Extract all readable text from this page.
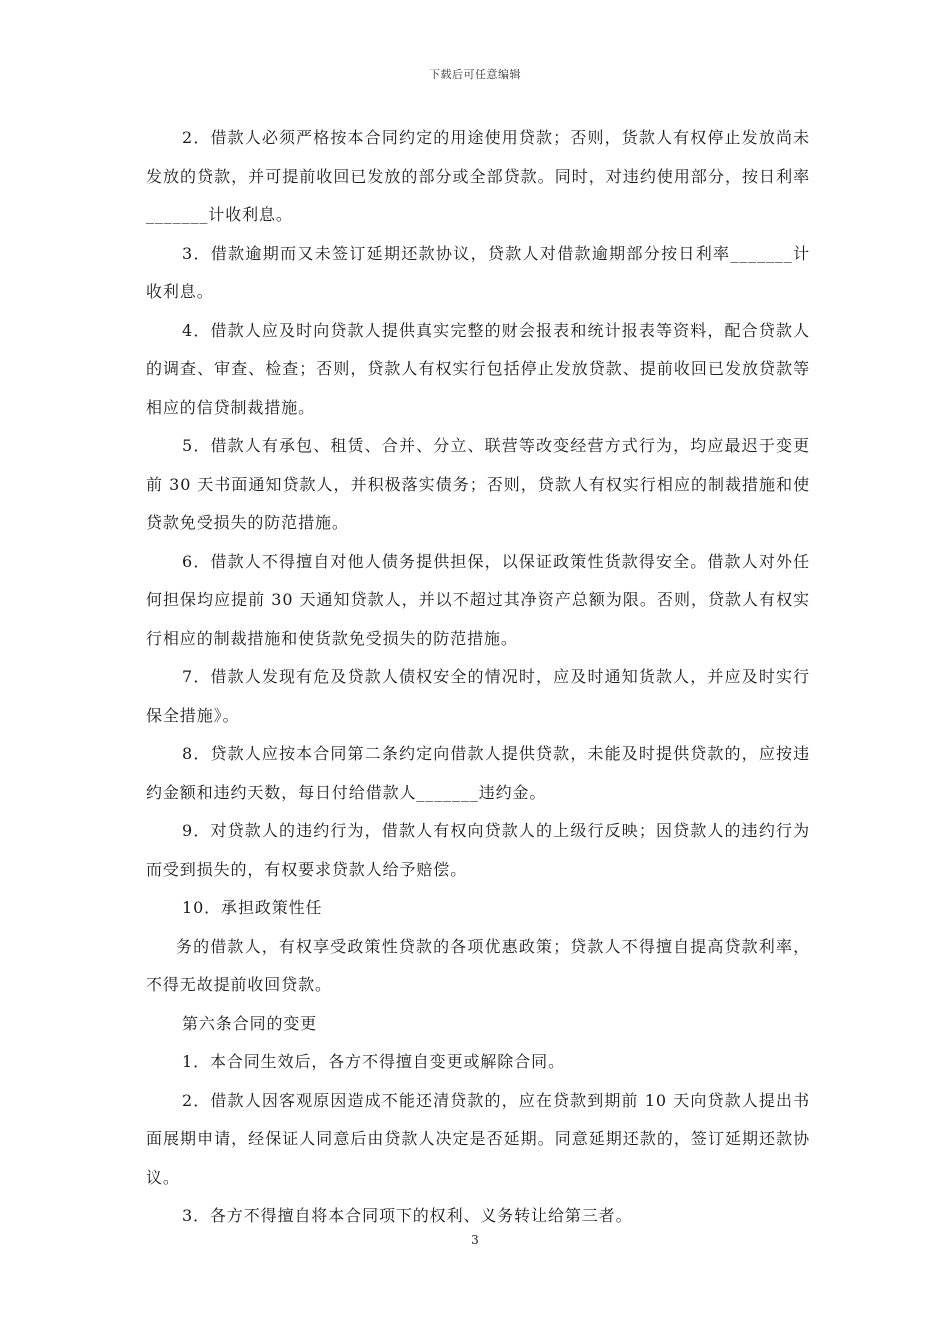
下载后可任意编辑

2．借款人必须严格按本合同约定的用途使用贷款；否则，货款人有权停止发放尚未发放的贷款，并可提前收回已发放的部分或全部贷款。同时，对违约使用部分，按日利率_______计收利息。

3．借款逾期而又未签订延期还款协议，贷款人对借款逾期部分按日利率_______计收利息。

4．借款人应及时向贷款人提供真实完整的财会报表和统计报表等资料，配合贷款人的调查、审查、检查；否则，贷款人有权实行包括停止发放贷款、提前收回已发放贷款等相应的信贷制裁措施。

5．借款人有承包、租赁、合并、分立、联营等改变经营方式行为，均应最迟于变更前 30 天书面通知贷款人，并积极落实债务；否则，贷款人有权实行相应的制裁措施和使贷款免受损失的防范措施。

6．借款人不得擅自对他人债务提供担保，以保证政策性货款得安全。借款人对外任何担保均应提前 30 天通知贷款人，并以不超过其净资产总额为限。否则，贷款人有权实行相应的制裁措施和使货款免受损失的防范措施。

7．借款人发现有危及贷款人债权安全的情况时，应及时通知货款人，并应及时实行保全措施》。

8．贷款人应按本合同第二条约定向借款人提供贷款，未能及时提供贷款的，应按违约金额和违约天数，每日付给借款人_______违约金。

9．对贷款人的违约行为，借款人有权向贷款人的上级行反映；因贷款人的违约行为而受到损失的，有权要求贷款人给予赔偿。

10．承担政策性任

务的借款人，有权享受政策性贷款的各项优惠政策；贷款人不得擅自提高贷款利率，不得无故提前收回贷款。

第六条合同的变更

1．本合同生效后，各方不得擅自变更或解除合同。

2．借款人因客观原因造成不能还清贷款的，应在贷款到期前 10 天向贷款人提出书面展期申请，经保证人同意后由贷款人决定是否延期。同意延期还款的，签订延期还款协议。

3．各方不得擅自将本合同项下的权利、义务转让给第三者。

3
